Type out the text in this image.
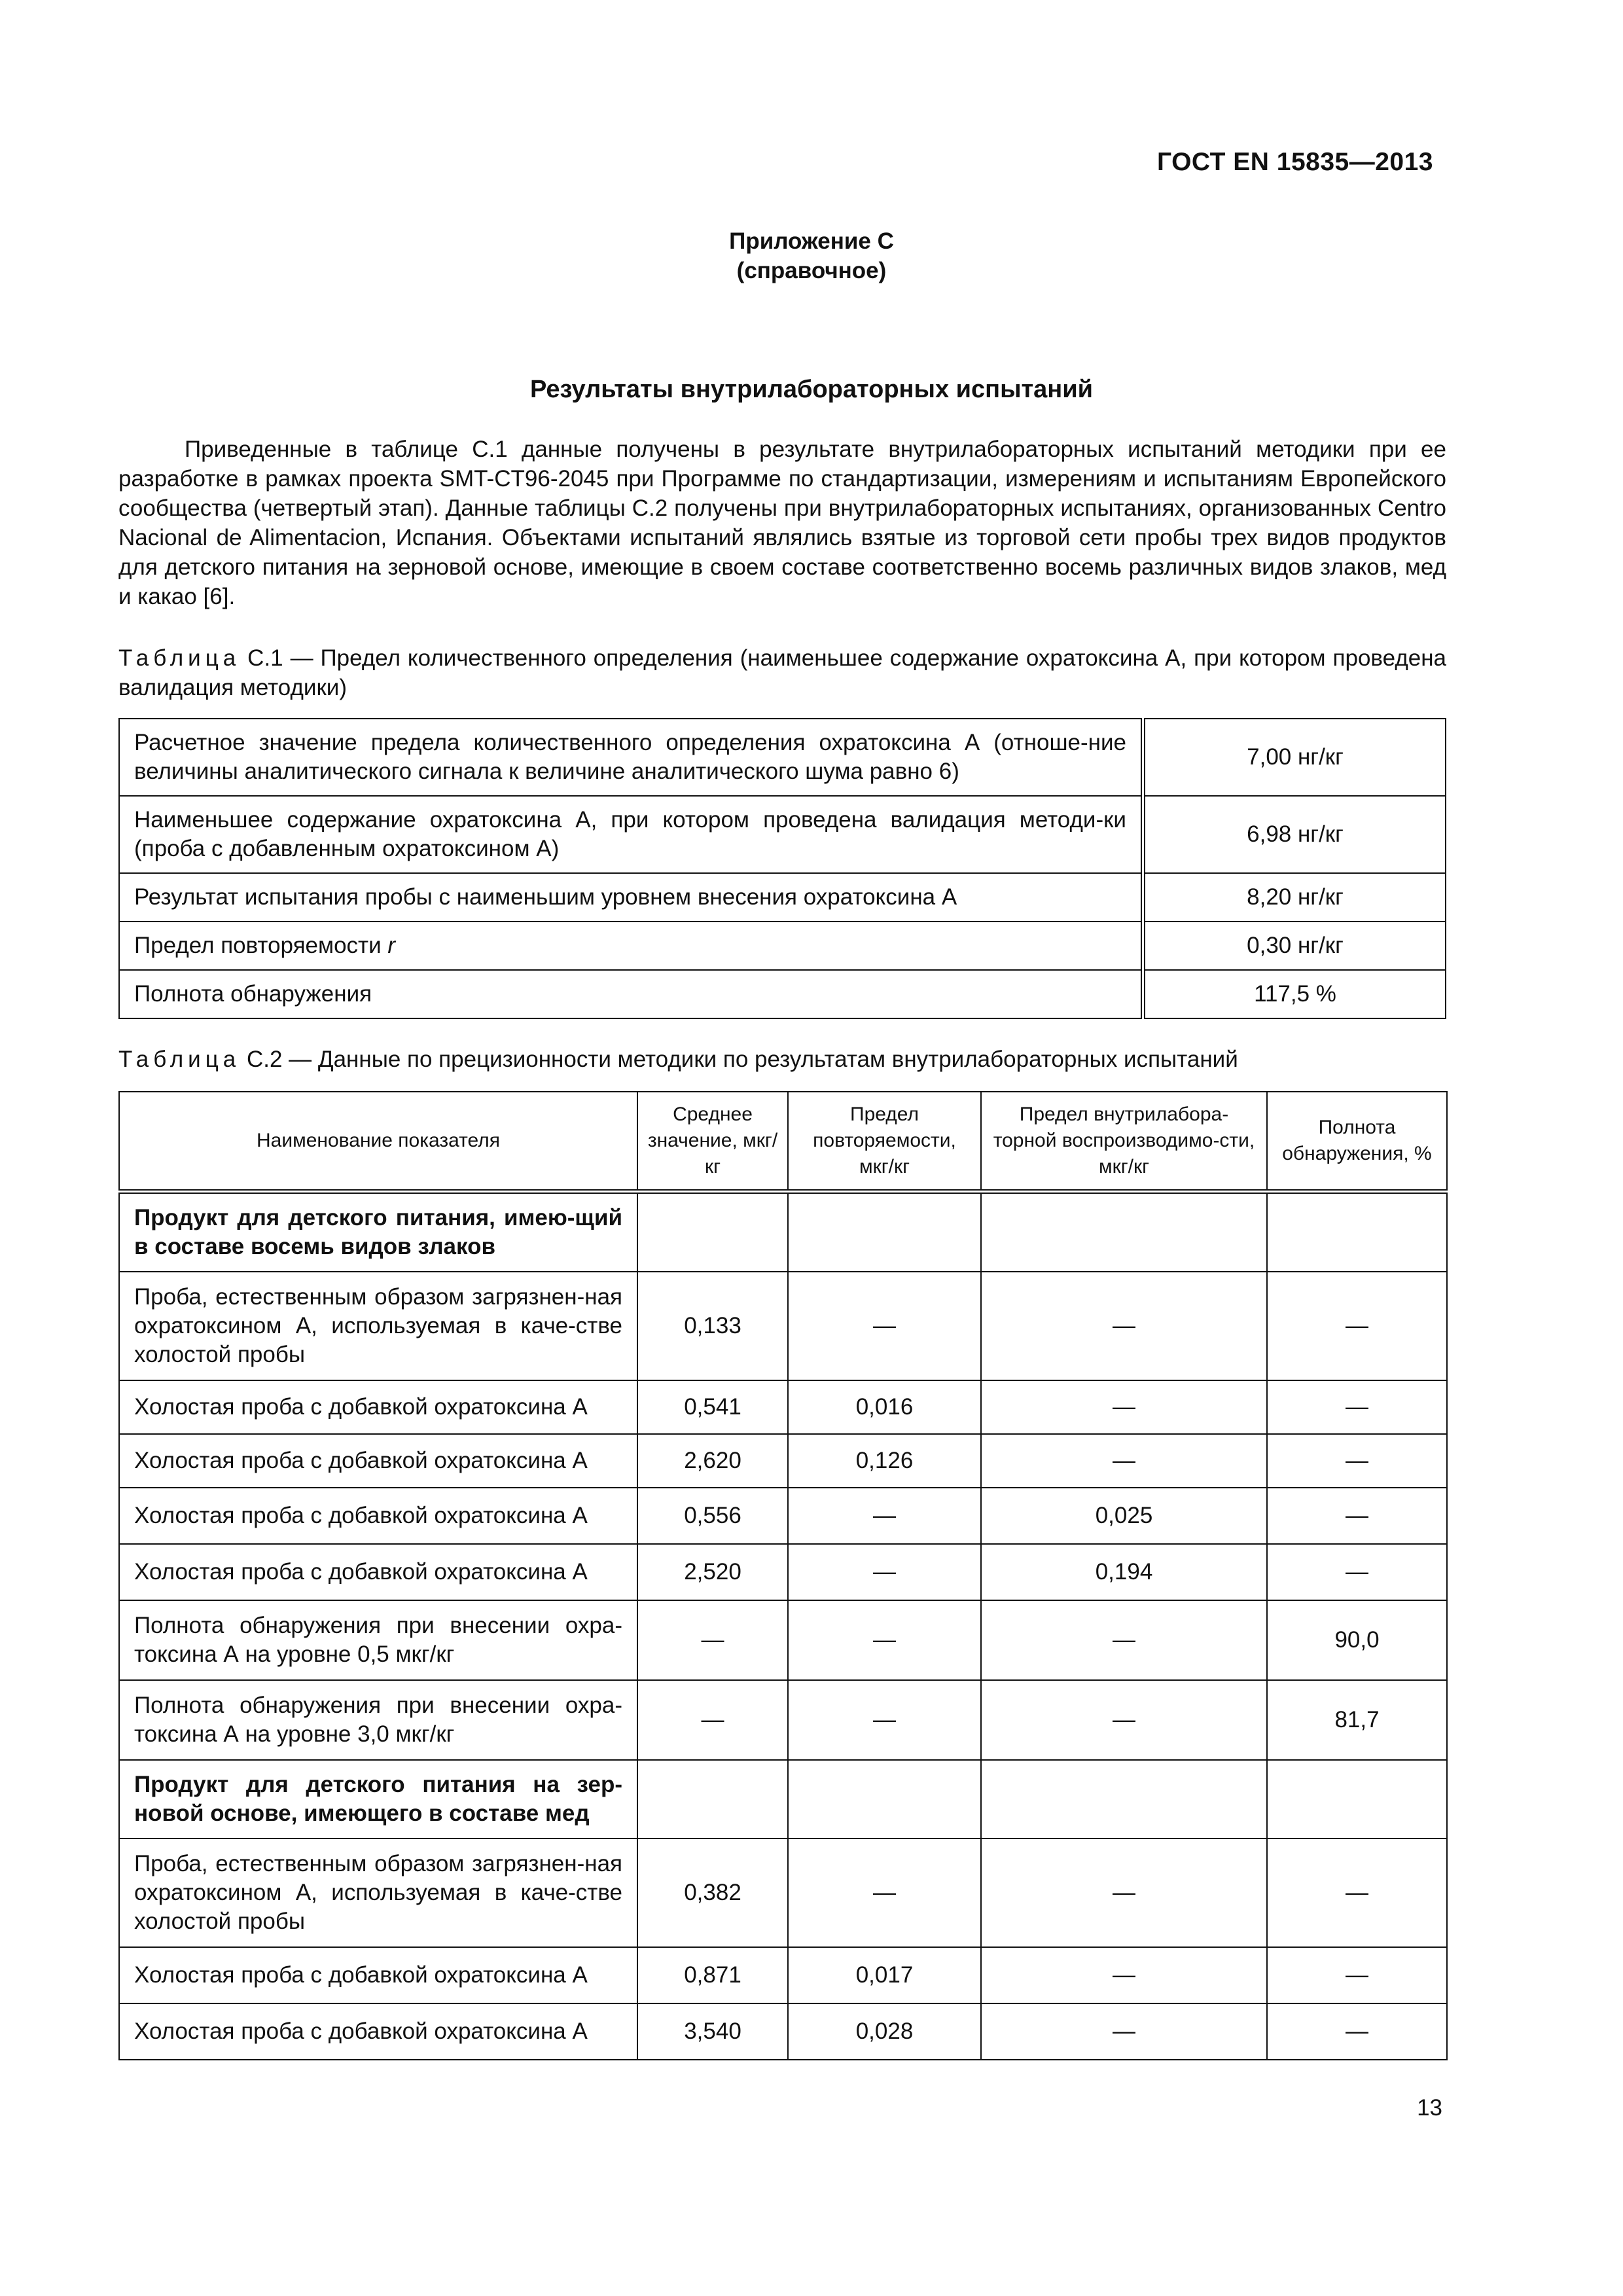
ГОСТ EN 15835—2013
Приложение С
(справочное)
Результаты внутрилабораторных испытаний

Приведенные в таблице С.1 данные получены в результате внутрилабораторных испытаний методики при ее разработке в рамках проекта SMT-CT96-2045 при Программе по стандартизации, измерениям и испытаниям Европейского сообщества (четвертый этап). Данные таблицы С.2 получены при внутрилабораторных испытаниях, организованных Centro Nacional de Alimentacion, Испания. Объектами испытаний являлись взятые из торговой сети пробы трех видов продуктов для детского питания на зерновой основе, имеющие в своем составе соответственно восемь различных видов злаков, мед и какао [6].

Таблица С.1 — Предел количественного определения (наименьшее содержание охратоксина А, при котором проведена валидация методики)

Расчетное значение предела количественного определения охратоксина А (отноше-ние величины аналитического сигнала к величине аналитического шума равно 6)	7,00 нг/кг
Наименьшее содержание охратоксина А, при котором проведена валидация методи-ки (проба с добавленным охратоксином А)	6,98 нг/кг
Результат испытания пробы с наименьшим уровнем внесения охратоксина А	8,20 нг/кг
Предел повторяемости r	0,30 нг/кг
Полнота обнаружения	117,5 %

Таблица С.2 — Данные по прецизионности методики по результатам внутрилабораторных испытаний

Наименование показателя	Среднее значение, мкг/кг	Предел повторяемости, мкг/кг	Предел внутрилабора-торной воспроизводимо-сти, мкг/кг	Полнота обнаружения, %
Продукт для детского питания, имею-щий в составе восемь видов злаков				
Проба, естественным образом загрязнен-ная охратоксином А, используемая в каче-стве холостой пробы	0,133	—	—	—
Холостая проба с добавкой охратоксина А	0,541	0,016	—	—
Холостая проба с добавкой охратоксина А	2,620	0,126	—	—
Холостая проба с добавкой охратоксина А	0,556	—	0,025	—
Холостая проба с добавкой охратоксина А	2,520	—	0,194	—
Полнота обнаружения при внесении охра-токсина А на уровне 0,5 мкг/кг	—	—	—	90,0
Полнота обнаружения при внесении охра-токсина А на уровне 3,0 мкг/кг	—	—	—	81,7
Продукт для детского питания на зер-новой основе, имеющего в составе мед				
Проба, естественным образом загрязнен-ная охратоксином А, используемая в каче-стве холостой пробы	0,382	—	—	—
Холостая проба с добавкой охратоксина А	0,871	0,017	—	—
Холостая проба с добавкой охратоксина А	3,540	0,028	—	—
13
